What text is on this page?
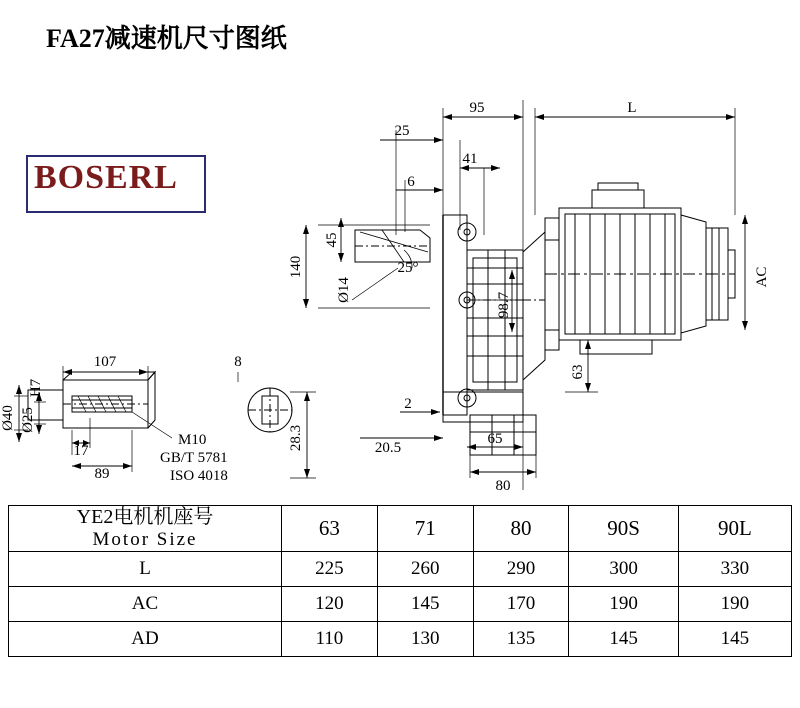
FA27减速机尺寸图纸
BOSERL
95	L
25
41
6
45
140	25°
Ø14
98.7
AC
63
2
20.5
65
80
107	8
17
89
Ø40 Ø25
H7
28.3
M10
GB/T 5781
ISO 4018
YE2电机机座号
Motor Size	63	71	80	90S	90L
L	225	260	290	300	330
AC	120	145	170	190	190
AD	110	130	135	145	145
